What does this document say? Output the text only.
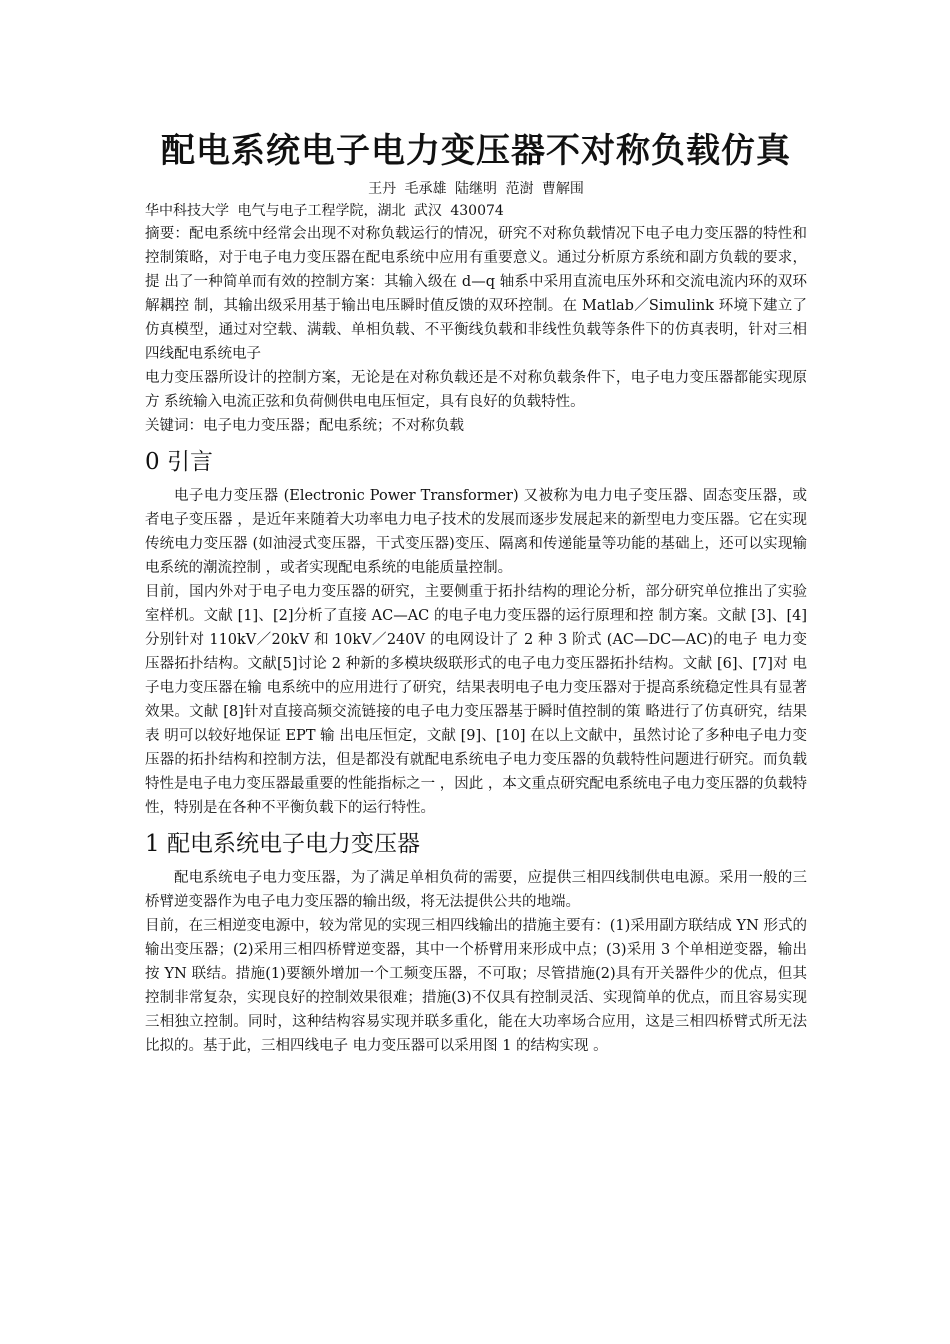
配电系统电子电力变压器不对称负载仿真
王丹 毛承雄 陆继明 范澍 曹解围
华中科技大学 电气与电子工程学院，湖北 武汉 430074

摘要：配电系统中经常会出现不对称负载运行的情况，研究不对称负载情况下电子电力变压器的特性和 控制策略，对于电子电力变压器在配电系统中应用有重要意义。通过分析原方系统和副方负载的要求，提 出了一种简单而有效的控制方案：其输入级在 d—q 轴系中采用直流电压外环和交流电流内环的双环解耦控 制，其输出级采用基于输出电压瞬时值反馈的双环控制。在 Matlab／Simulink 环境下建立了仿真模型，通过对空载、满载、单相负载、不平衡线负载和非线性负载等条件下的仿真表明，针对三相四线配电系统电子

电力变压器所设计的控制方案，无论是在对称负载还是不对称负载条件下，电子电力变压器都能实现原方 系统输入电流正弦和负荷侧供电电压恒定，具有良好的负载特性。

关键词：电子电力变压器；配电系统；不对称负载
0 引言

电子电力变压器 (Electronic Power Transformer) 又被称为电力电子变压器、固态变压器，或者电子变压器 ，是近年来随着大功率电力电子技术的发展而逐步发展起来的新型电力变压器。它在实现传统电力变压器 (如油浸式变压器，干式变压器)变压、隔离和传递能量等功能的基础上，还可以实现输电系统的潮流控制 ，或者实现配电系统的电能质量控制。

目前，国内外对于电子电力变压器的研究，主要侧重于拓扑结构的理论分析，部分研究单位推出了实验室样机。文献 [1]、[2]分析了直接 AC—AC 的电子电力变压器的运行原理和控 制方案。文献 [3]、[4]分别针对 110kV／20kV 和 10kV／240V 的电网设计了 2 种 3 阶式 (AC—DC—AC)的电子 电力变压器拓扑结构。文献[5]讨论 2 种新的多模块级联形式的电子电力变压器拓扑结构。文献 [6]、[7]对 电子电力变压器在输 电系统中的应用进行了研究，结果表明电子电力变压器对于提高系统稳定性具有显著效果。文献 [8]针对直接高频交流链接的电子电力变压器基于瞬时值控制的策 略进行了仿真研究，结果表 明可以较好地保证 EPT 输 出电压恒定，文献 [9]、[10] 在以上文献中，虽然讨论了多种电子电力变压器的拓扑结构和控制方法，但是都没有就配电系统电子电力变压器的负载特性问题进行研究。而负载特性是电子电力变压器最重要的性能指标之一 ，因此 ，本文重点研究配电系统电子电力变压器的负载特性，特别是在各种不平衡负载下的运行特性。

1 配电系统电子电力变压器

配电系统电子电力变压器，为了满足单相负荷的需要，应提供三相四线制供电电源。采用一般的三桥臂逆变器作为电子电力变压器的输出级，将无法提供公共的地端。

目前，在三相逆变电源中，较为常见的实现三相四线输出的措施主要有：(1)采用副方联结成 YN 形式的输出变压器；(2)采用三相四桥臂逆变器，其中一个桥臂用来形成中点；(3)采用 3 个单相逆变器，输出按 YN 联结。措施(1)要额外增加一个工频变压器，不可取；尽管措施(2)具有开关器件少的优点，但其控制非常复杂，实现良好的控制效果很难；措施(3)不仅具有控制灵活、实现简单的优点，而且容易实现三相独立控制。同时，这种结构容易实现并联多重化，能在大功率场合应用，这是三相四桥臂式所无法比拟的。基于此，三相四线电子 电力变压器可以采用图 1 的结构实现 。
